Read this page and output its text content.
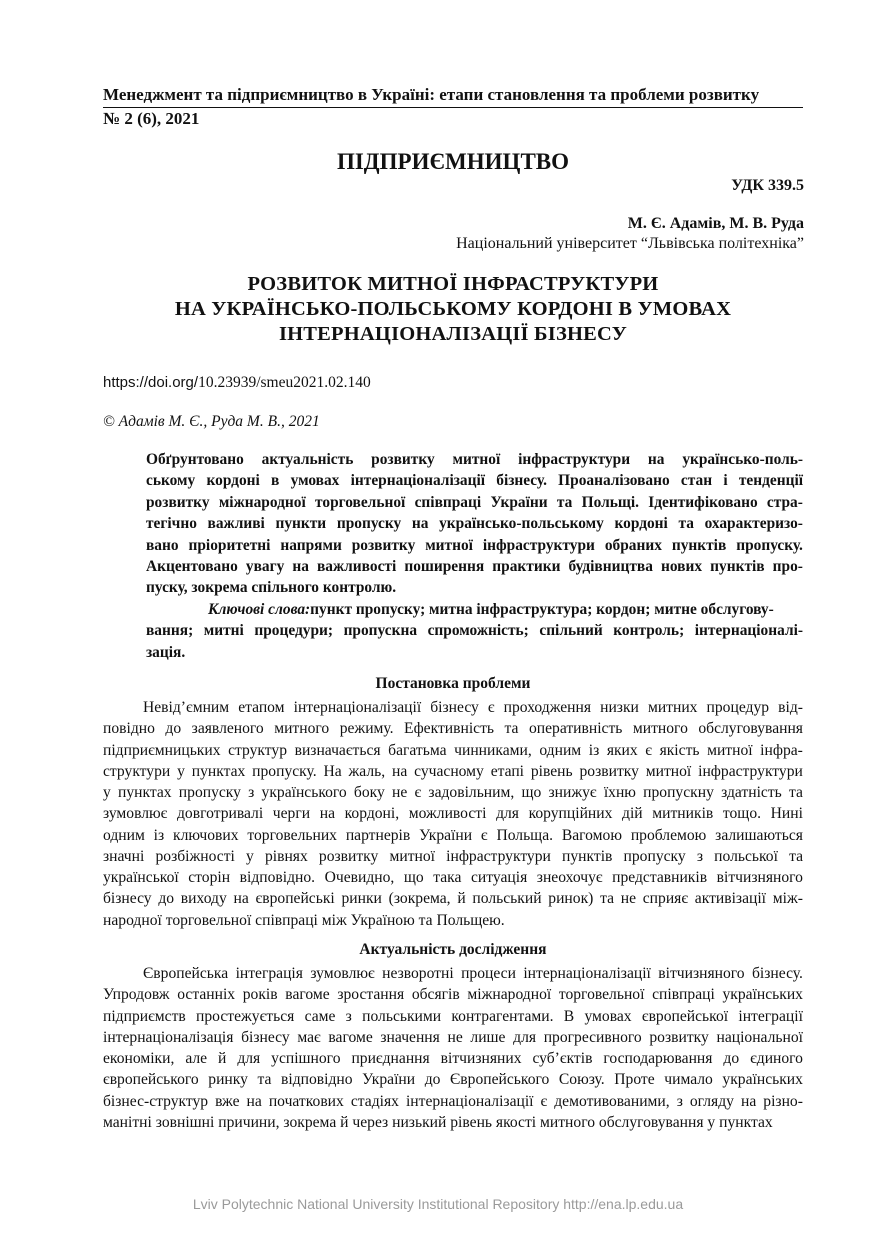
Менеджмент та підприємництво в Україні: етапи становлення та проблеми розвитку
№ 2 (6), 2021
ПІДПРИЄМНИЦТВО
УДК 339.5
М. Є. Адамів, М. В. Руда
Національний університет “Львівська політехніка”
РОЗВИТОК МИТНОЇ ІНФРАСТРУКТУРИ
НА УКРАЇНСЬКО-ПОЛЬСЬКОМУ КОРДОНІ В УМОВАХ
ІНТЕРНАЦІОНАЛІЗАЦІЇ БІЗНЕСУ
https://doi.org/10.23939/smeu2021.02.140
© Адамів М. Є., Руда М. В., 2021
Обґрунтовано актуальність розвитку митної інфраструктури на українсько-поль-
ському кордоні в умовах інтернаціоналізації бізнесу. Проаналізовано стан і тенденції
розвитку міжнародної торговельної співпраці України та Польщі. Ідентифіковано стра-
тегічно важливі пункти пропуску на українсько-польському кордоні та охарактеризо-
вано пріоритетні напрями розвитку митної інфраструктури обраних пунктів пропуску.
Акцентовано увагу на важливості поширення практики будівництва нових пунктів про-
пуску, зокрема спільного контролю.
Ключові слова:пункт пропуску; митна інфраструктура; кордон; митне обслугову-
вання; митні процедури; пропускна спроможність; спільний контроль; інтернаціоналі-
зація.
Постановка проблеми
Невід’ємним етапом інтернаціоналізації бізнесу є проходження низки митних процедур від-
повідно до заявленого митного режиму. Ефективність та оперативність митного обслуговування
підприємницьких структур визначається багатьма чинниками, одним із яких є якість митної інфра-
структури у пунктах пропуску. На жаль, на сучасному етапі рівень розвитку митної інфраструктури
у пунктах пропуску з українського боку не є задовільним, що знижує їхню пропускну здатність та
зумовлює довготривалі черги на кордоні, можливості для корупційних дій митників тощо. Нині
одним із ключових торговельних партнерів України є Польща. Вагомою проблемою залишаються
значні розбіжності у рівнях розвитку митної інфраструктури пунктів пропуску з польської та
української сторін відповідно. Очевидно, що така ситуація знеохочує представників вітчизняного
бізнесу до виходу на європейські ринки (зокрема, й польський ринок) та не сприяє активізації між-
народної торговельної співпраці між Україною та Польщею.
Актуальність дослідження
Європейська інтеграція зумовлює незворотні процеси інтернаціоналізації вітчизняного бізнесу.
Упродовж останніх років вагоме зростання обсягів міжнародної торговельної співпраці українських
підприємств простежується саме з польськими контрагентами. В умовах європейської інтеграції
інтернаціоналізація бізнесу має вагоме значення не лише для прогресивного розвитку національної
економіки, але й для успішного приєднання вітчизняних суб’єктів господарювання до єдиного
європейського ринку та відповідно України до Європейського Союзу. Проте чимало українських
бізнес-структур вже на початкових стадіях інтернаціоналізації є демотивованими, з огляду на різно-
манітні зовнішні причини, зокрема й через низький рівень якості митного обслуговування у пунктах
Lviv Polytechnic National University Institutional Repository http://ena.lp.edu.ua
